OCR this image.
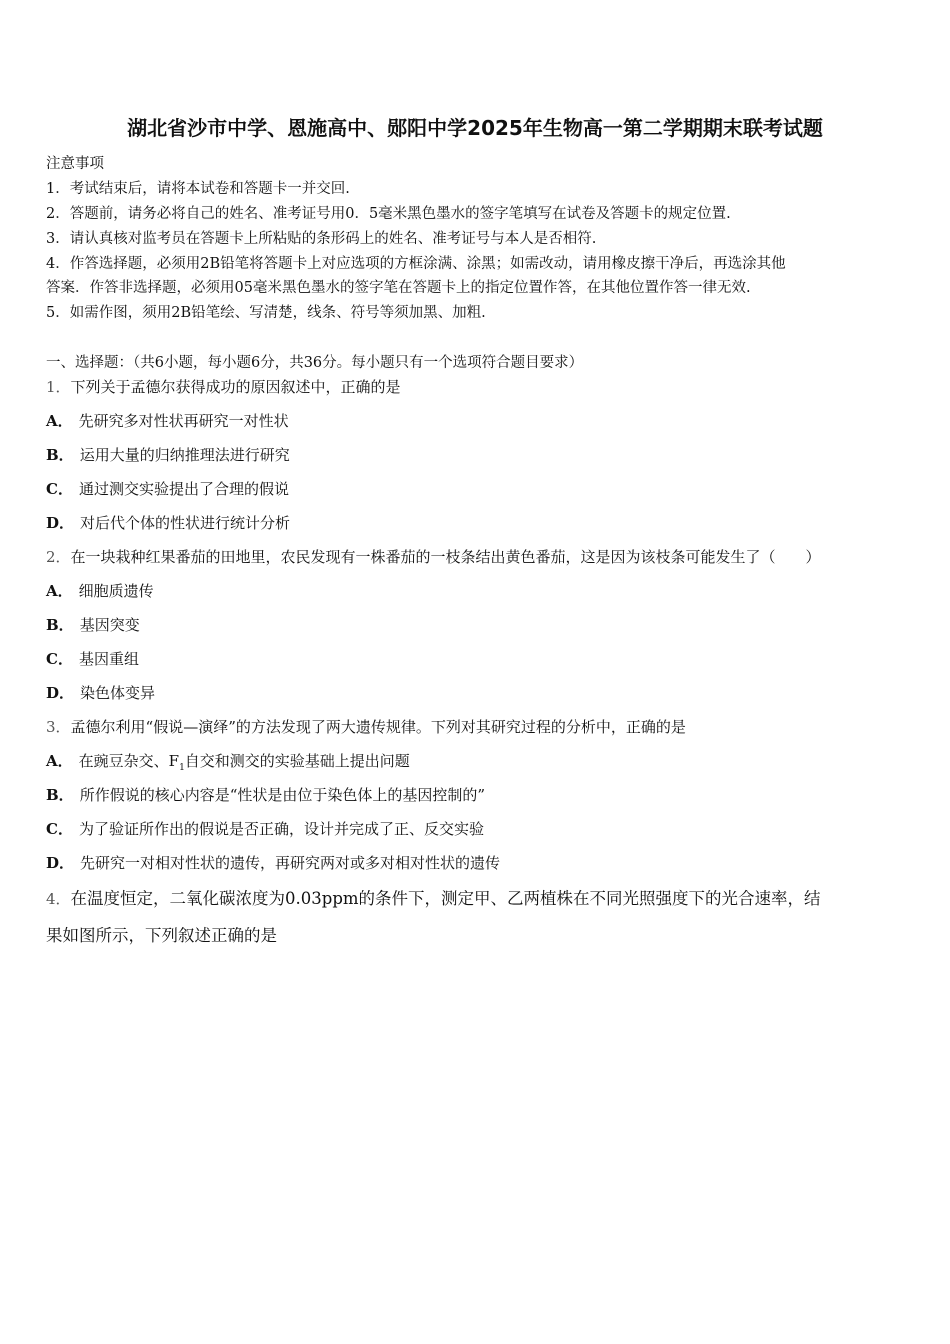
湖北省沙市中学、恩施高中、郧阳中学2025年生物高一第二学期期末联考试题
注意事项
1．考试结束后，请将本试卷和答题卡一并交回.
2．答题前，请务必将自己的姓名、准考证号用0．5毫米黑色墨水的签字笔填写在试卷及答题卡的规定位置.
3．请认真核对监考员在答题卡上所粘贴的条形码上的姓名、准考证号与本人是否相符.
4．作答选择题，必须用2B铅笔将答题卡上对应选项的方框涂满、涂黑；如需改动，请用橡皮擦干净后，再选涂其他
答案．作答非选择题，必须用05毫米黑色墨水的签字笔在答题卡上的指定位置作答，在其他位置作答一律无效.
5．如需作图，须用2B铅笔绘、写清楚，线条、符号等须加黑、加粗.
一、选择题：（共6小题，每小题6分，共36分。每小题只有一个选项符合题目要求）
1．下列关于孟德尔获得成功的原因叙述中，正确的是
A． 先研究多对性状再研究一对性状
B． 运用大量的归纳推理法进行研究
C． 通过测交实验提出了合理的假说
D． 对后代个体的性状进行统计分析
2．在一块栽种红果番茄的田地里，农民发现有一株番茄的一枝条结出黄色番茄，这是因为该枝条可能发生了（　　）
A． 细胞质遗传
B． 基因突变
C． 基因重组
D． 染色体变异
3．孟德尔利用“假说—演绎”的方法发现了两大遗传规律。下列对其研究过程的分析中，正确的是
A． 在豌豆杂交、$F_1$自交和测交的实验基础上提出问题
B． 所作假说的核心内容是“性状是由位于染色体上的基因控制的”
C． 为了验证所作出的假说是否正确，设计并完成了正、反交实验
D． 先研究一对相对性状的遗传，再研究两对或多对相对性状的遗传
4．在温度恒定，二氧化碳浓度为0.03ppm的条件下，测定甲、乙两植株在不同光照强度下的光合速率，结
果如图所示，下列叙述正确的是
